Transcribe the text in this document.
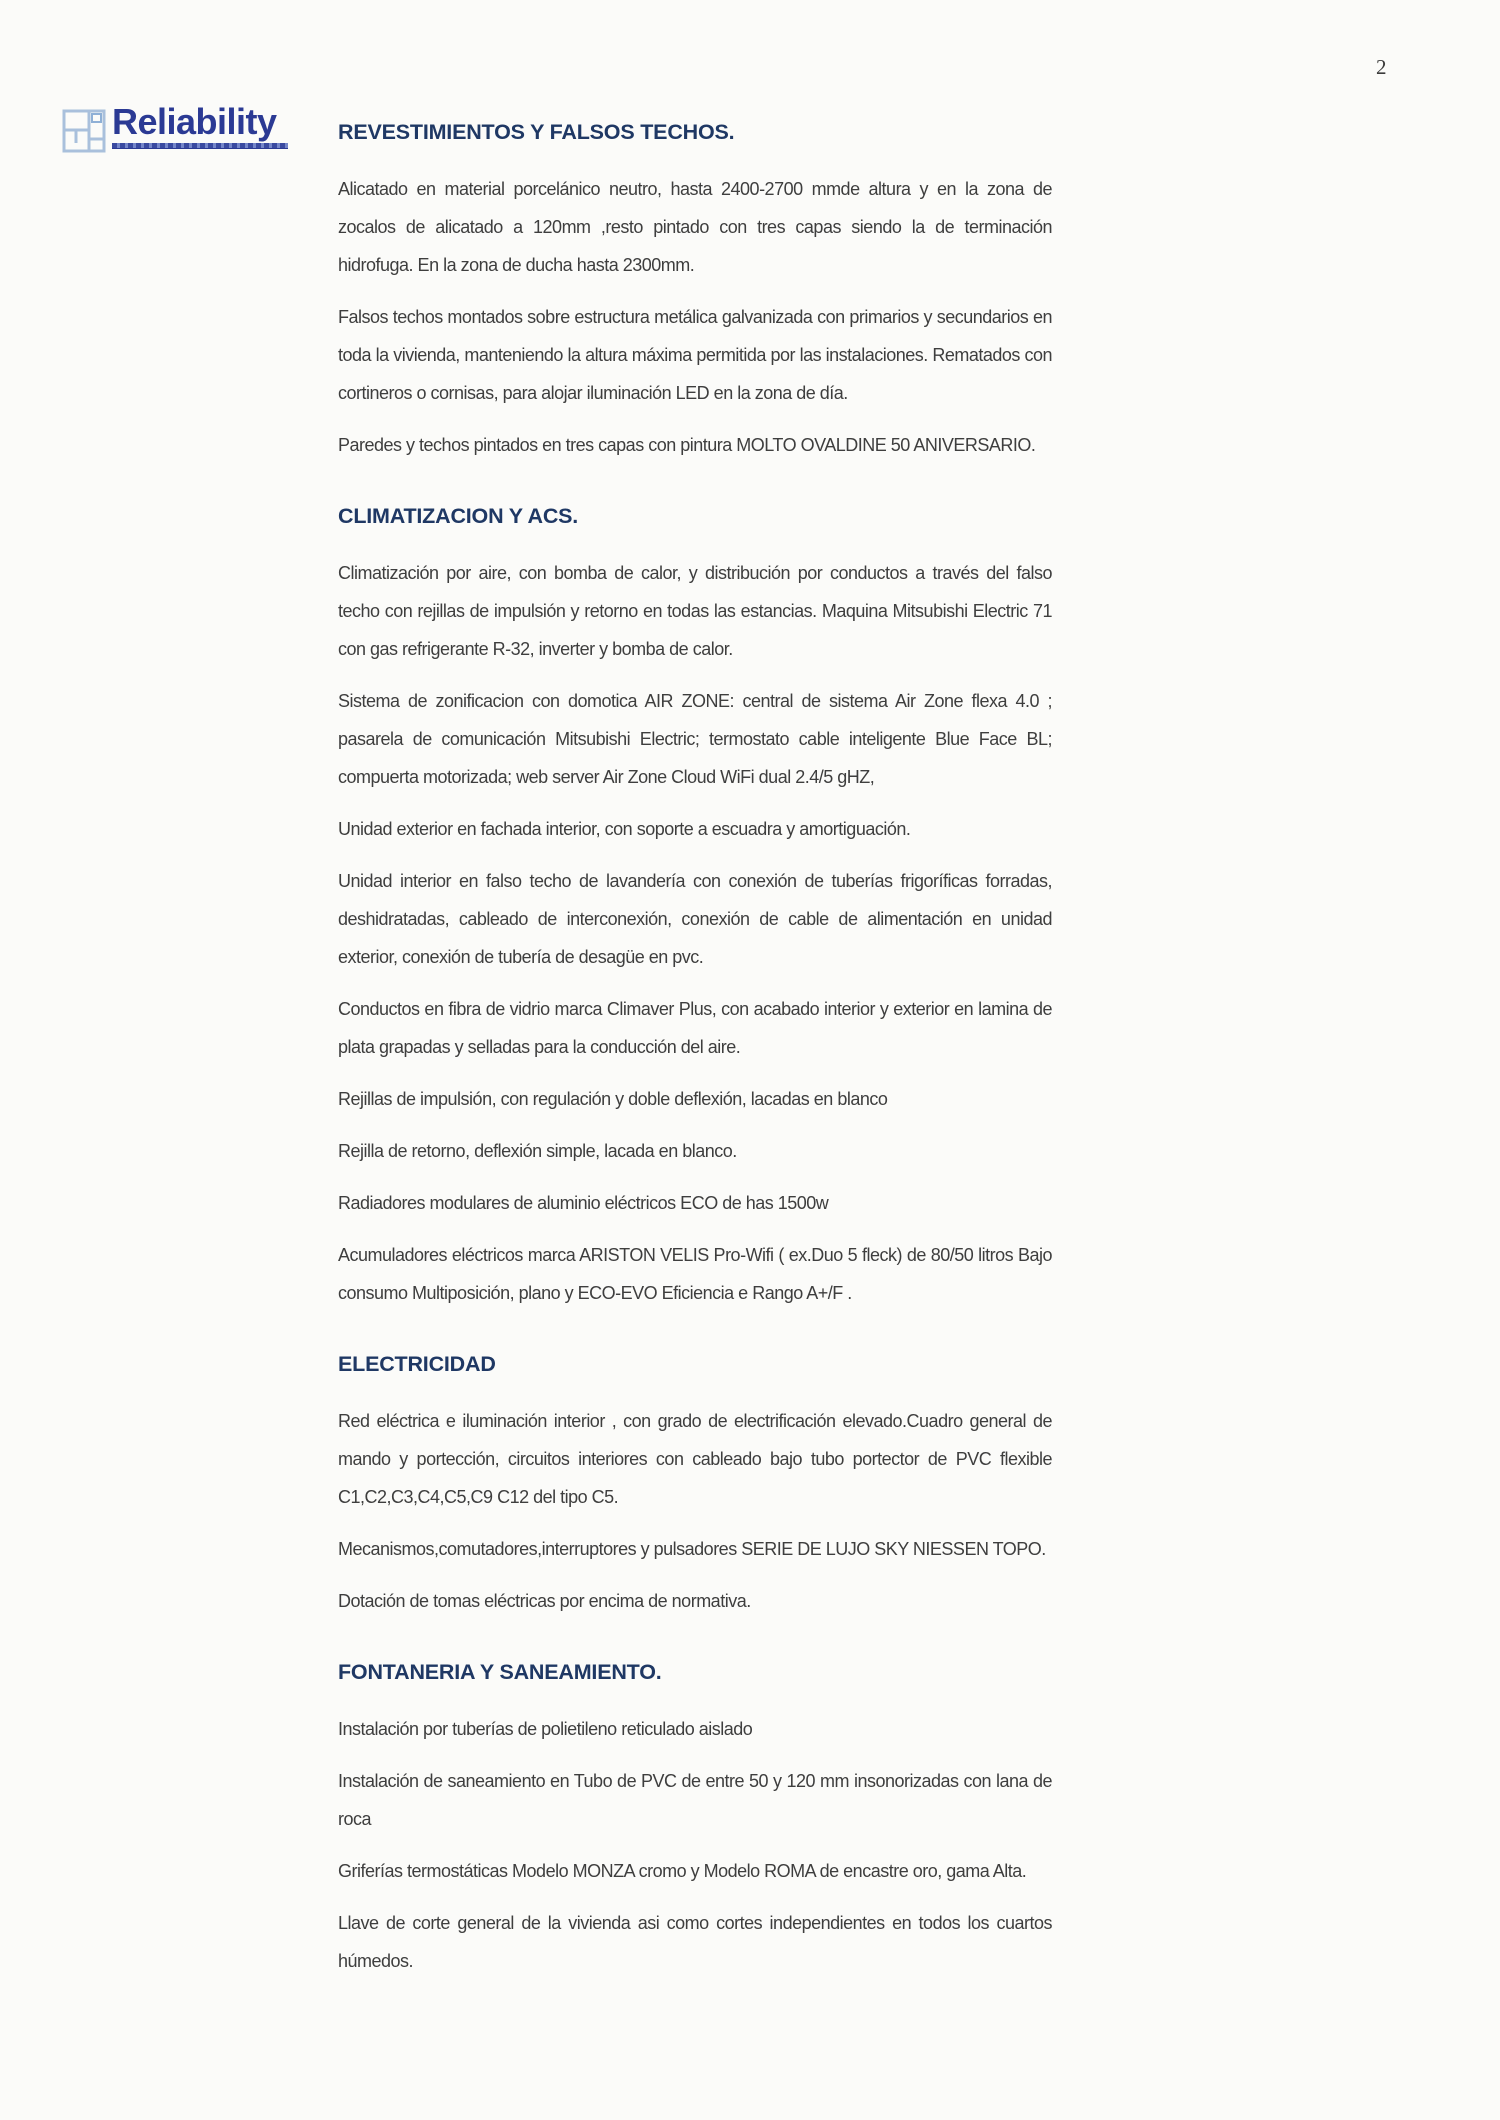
2
Reliability	REVESTIMIENTOS Y FALSOS TECHOS.

Alicatado en material porcelánico neutro, hasta 2400-2700 mmde altura y en la zona de zocalos de alicatado a 120mm ,resto pintado con tres capas siendo la de terminación hidrofuga. En la zona de ducha hasta 2300mm.

Falsos techos montados sobre estructura metálica galvanizada con primarios y secundarios en toda la vivienda, manteniendo la altura máxima permitida por las instalaciones. Rematados con cortineros o cornisas, para alojar iluminación LED en la zona de día.

Paredes y techos pintados en tres capas con pintura MOLTO OVALDINE 50 ANIVERSARIO.

CLIMATIZACION Y ACS.

Climatización por aire, con bomba de calor, y distribución por conductos a través del falso techo con rejillas de impulsión y retorno en todas las estancias. Maquina Mitsubishi Electric 71 con gas refrigerante R-32, inverter y bomba de calor.

Sistema de zonificacion con domotica AIR ZONE: central de sistema Air Zone flexa 4.0 ; pasarela de comunicación Mitsubishi Electric; termostato cable inteligente Blue Face BL; compuerta motorizada; web server Air Zone Cloud WiFi dual 2.4/5 gHZ,

Unidad exterior en fachada interior, con soporte a escuadra y amortiguación.

Unidad interior en falso techo de lavandería con conexión de tuberías frigoríficas forradas, deshidratadas, cableado de interconexión, conexión de cable de alimentación en unidad exterior, conexión de tubería de desagüe en pvc.

Conductos en fibra de vidrio marca Climaver Plus, con acabado interior y exterior en lamina de plata grapadas y selladas para la conducción del aire.

Rejillas de impulsión, con regulación y doble deflexión, lacadas en blanco

Rejilla de retorno, deflexión simple, lacada en blanco.

Radiadores modulares de aluminio eléctricos ECO de has 1500w

Acumuladores eléctricos marca ARISTON VELIS Pro-Wifi ( ex.Duo 5 fleck) de 80/50 litros Bajo consumo Multiposición, plano y ECO-EVO Eficiencia e Rango A+/F .

ELECTRICIDAD

Red eléctrica e iluminación interior , con grado de electrificación elevado.Cuadro general de mando y portección, circuitos interiores con cableado bajo tubo portector de PVC flexible C1,C2,C3,C4,C5,C9 C12 del tipo C5.

Mecanismos,comutadores,interruptores y pulsadores SERIE DE LUJO SKY NIESSEN TOPO.

Dotación de tomas eléctricas por encima de normativa.

FONTANERIA Y SANEAMIENTO.

Instalación por tuberías de polietileno reticulado aislado

Instalación de saneamiento en Tubo de PVC de entre 50 y 120 mm insonorizadas con lana de roca

Griferías termostáticas Modelo MONZA cromo y Modelo ROMA de encastre oro, gama Alta.

Llave de corte general de la vivienda asi como cortes independientes en todos los cuartos húmedos.
